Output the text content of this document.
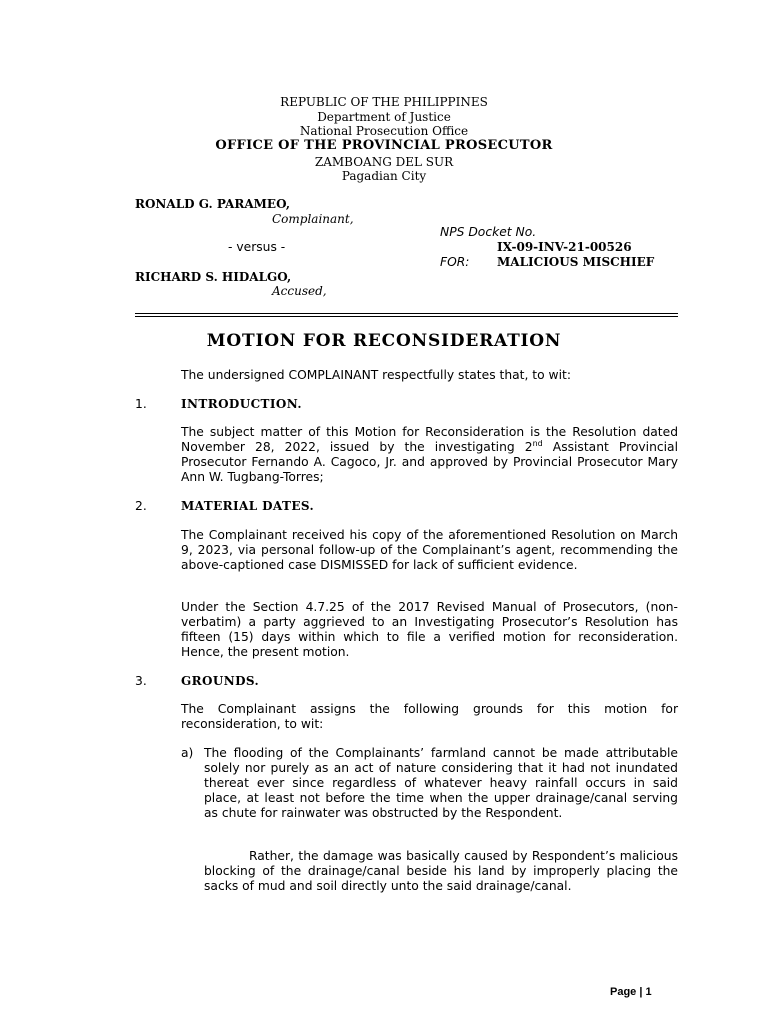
REPUBLIC OF THE PHILIPPINES
Department of Justice
National Prosecution Office
OFFICE OF THE PROVINCIAL PROSECUTOR
ZAMBOANG DEL SUR
Pagadian City
RONALD G. PARAMEO,
Complainant,
NPS Docket No.
- versus -	IX-09-INV-21-00526
FOR: MALICIOUS MISCHIEF
RICHARD S. HIDALGO,
Accused,
MOTION FOR RECONSIDERATION
The undersigned COMPLAINANT respectfully states that, to wit:
1.	INTRODUCTION.
The subject matter of this Motion for Reconsideration is the Resolution dated November 28, 2022, issued by the investigating 2nd Assistant Provincial Prosecutor Fernando A. Cagoco, Jr. and approved by Provincial Prosecutor Mary Ann W. Tugbang-Torres;
2.	MATERIAL DATES.
The Complainant received his copy of the aforementioned Resolution on March 9, 2023, via personal follow-up of the Complainant’s agent, recommending the above-captioned case DISMISSED for lack of sufficient evidence.
Under the Section 4.7.25 of the 2017 Revised Manual of Prosecutors, (non-verbatim) a party aggrieved to an Investigating Prosecutor’s Resolution has fifteen (15) days within which to file a verified motion for reconsideration. Hence, the present motion.
3.	GROUNDS.
The Complainant assigns the following grounds for this motion for reconsideration, to wit:
a) The flooding of the Complainants’ farmland cannot be made attributable solely nor purely as an act of nature considering that it had not inundated thereat ever since regardless of whatever heavy rainfall occurs in said place, at least not before the time when the upper drainage/canal serving as chute for rainwater was obstructed by the Respondent.
Rather, the damage was basically caused by Respondent’s malicious blocking of the drainage/canal beside his land by improperly placing the sacks of mud and soil directly unto the said drainage/canal.
Page | 1
